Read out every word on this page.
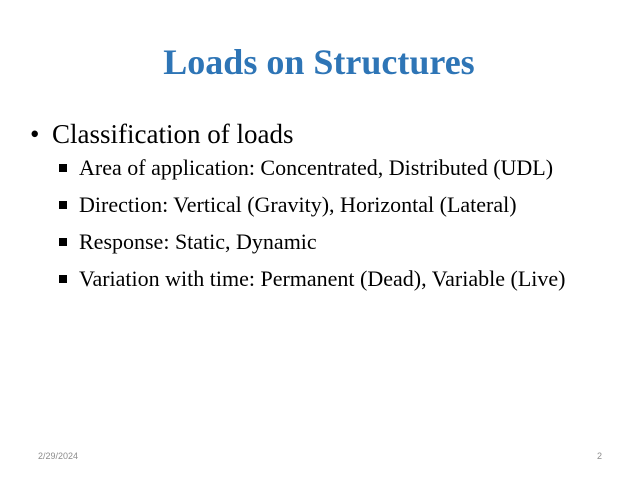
Loads on Structures
• Classification of loads
Area of application: Concentrated, Distributed (UDL)
Direction: Vertical (Gravity), Horizontal (Lateral)
Response: Static, Dynamic
Variation with time: Permanent (Dead), Variable (Live)
2/29/2024	2
